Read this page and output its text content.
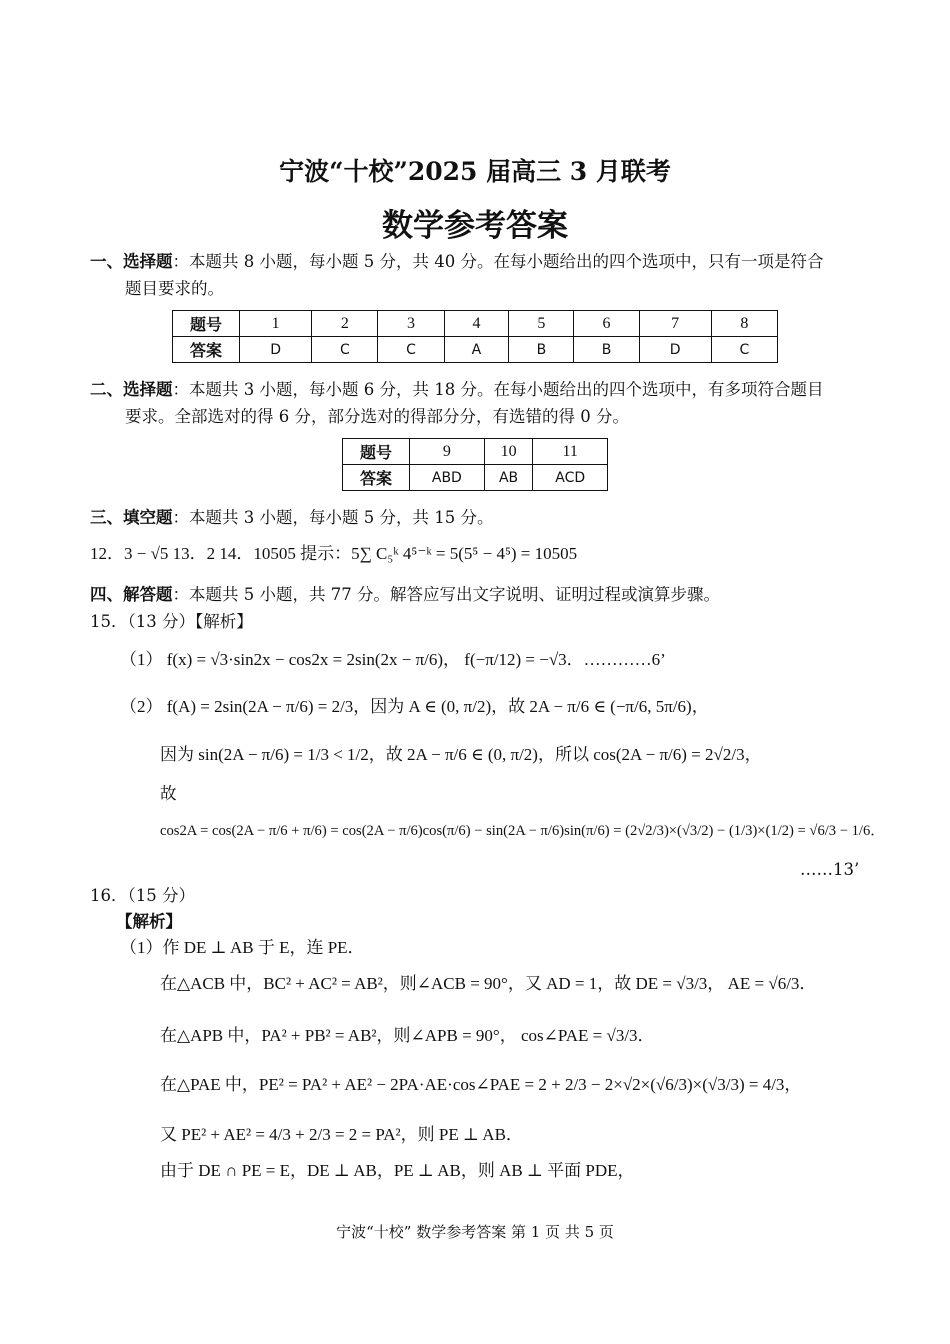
宁波“十校”2025 届高三 3 月联考
数学参考答案
一、选择题：本题共 8 小题，每小题 5 分，共 40 分。在每小题给出的四个选项中，只有一项是符合
题目要求的。
题号	1	2	3	4	5	6	7	8
答案	D	C	C	A	B	B	D	C
二、选择题：本题共 3 小题，每小题 6 分，共 18 分。在每小题给出的四个选项中，有多项符合题目
要求。全部选对的得 6 分，部分选对的得部分分，有选错的得 0 分。
题号	9	10	11
答案	ABD	AB	ACD
三、填空题：本题共 3 小题，每小题 5 分，共 15 分。
12．3 − √5 13．2 14．10505 提示：5∑ C₅ᵏ 4⁵⁻ᵏ = 5(5⁵ − 4⁵) = 10505
四、解答题：本题共 5 小题，共 77 分。解答应写出文字说明、证明过程或演算步骤。
15．（13 分）【解析】
（1） f(x) = √3·sin2x − cos2x = 2sin(2x − π/6)， f(−π/12) = −√3．…………6’
（2） f(A) = 2sin(2A − π/6) = 2/3，因为 A ∈ (0, π/2)，故 2A − π/6 ∈ (−π/6, 5π/6)，
因为 sin(2A − π/6) = 1/3 < 1/2，故 2A − π/6 ∈ (0, π/2)，所以 cos(2A − π/6) = 2√2/3，
故
cos2A = cos(2A − π/6 + π/6) = cos(2A − π/6)cos(π/6) − sin(2A − π/6)sin(π/6) = (2√2/3)×(√3/2) − (1/3)×(1/2) = √6/3 − 1/6．
……13’
16．（15 分）
【解析】
（1）作 DE ⊥ AB 于 E，连 PE．
在△ACB 中，BC² + AC² = AB²，则∠ACB = 90°，又 AD = 1，故 DE = √3/3， AE = √6/3．
在△APB 中，PA² + PB² = AB²，则∠APB = 90°， cos∠PAE = √3/3．
在△PAE 中，PE² = PA² + AE² − 2PA·AE·cos∠PAE = 2 + 2/3 − 2×√2×(√6/3)×(√3/3) = 4/3，
又 PE² + AE² = 4/3 + 2/3 = 2 = PA²，则 PE ⊥ AB．
由于 DE ∩ PE = E，DE ⊥ AB，PE ⊥ AB，则 AB ⊥ 平面 PDE，
宁波“十校” 数学参考答案 第 1 页 共 5 页
